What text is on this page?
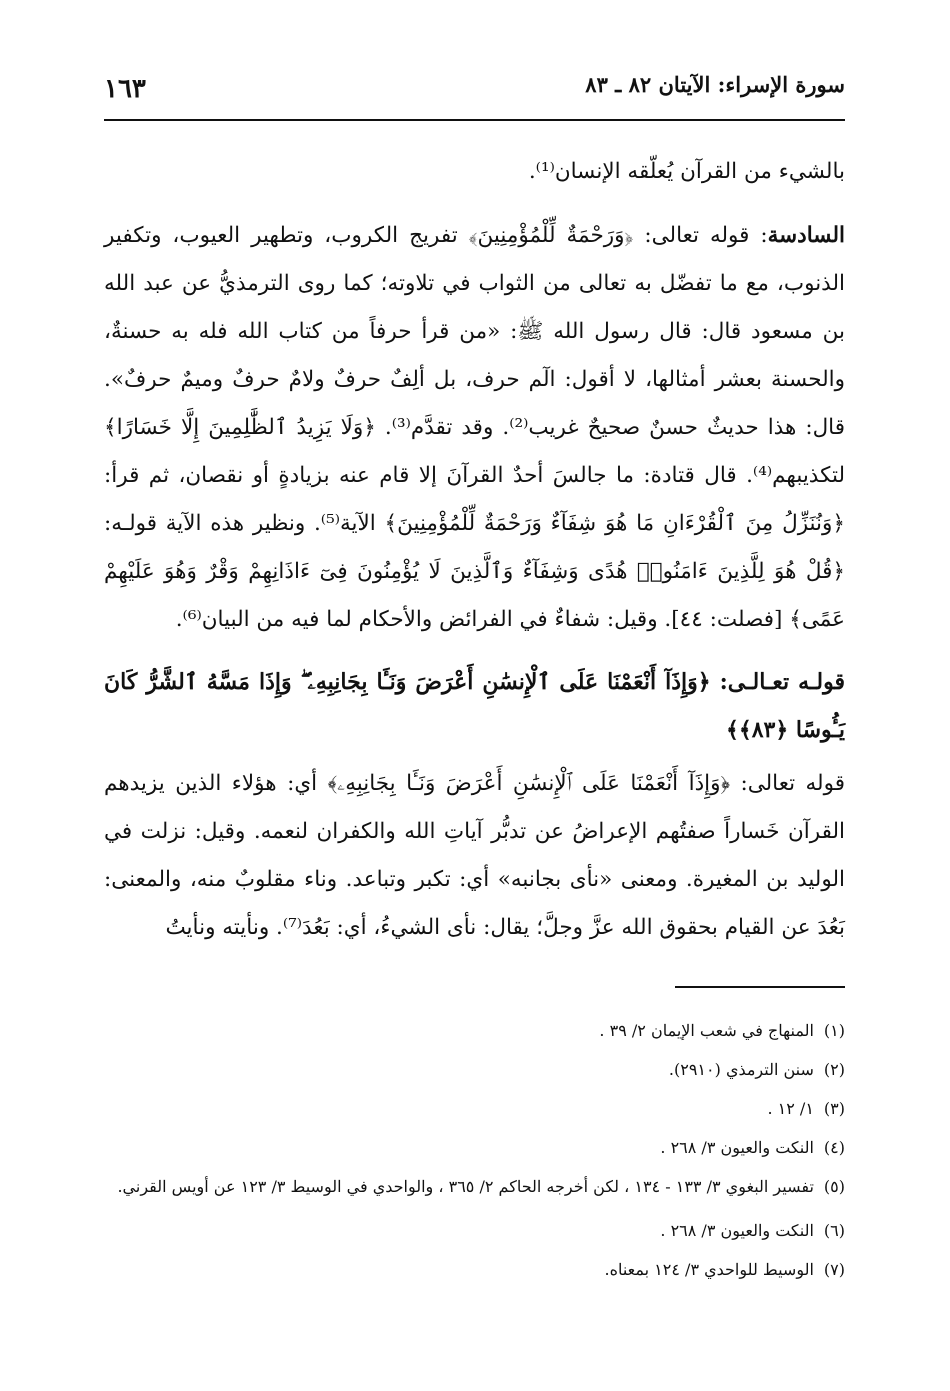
سورة الإسراء: الآيتان ٨٢ ـ ٨٣
١٦٣

بالشيء من القرآن يُعلّقه الإنسان⁽¹⁾.

السادسة: قوله تعالى: ﴿وَرَحْمَةٌ لِّلْمُؤْمِنِينَ﴾ تفريج الكروب، وتطهير العيوب، وتكفير الذنوب، مع ما تفضّل به تعالى من الثواب في تلاوته؛ كما روى الترمذيُّ عن عبد الله بن مسعود قال: قال رسول الله ﷺ: «من قرأ حرفاً من كتاب الله فله به حسنةٌ، والحسنة بعشر أمثالها، لا أقول: الٓم حرف، بل ألِفٌ حرفٌ ولامٌ حرفٌ وميمٌ حرفٌ». قال: هذا حديثٌ حسنٌ صحيحٌ غريب⁽²⁾. وقد تقدَّم⁽³⁾. ﴿وَلَا يَزِيدُ ٱلظَّٰلِمِينَ إِلَّا خَسَارًا﴾ لتكذيبهم⁽⁴⁾. قال قتادة: ما جالسَ أحدٌ القرآنَ إلا قام عنه بزيادةٍ أو نقصان، ثم قرأ: ﴿وَنُنَزِّلُ مِنَ ٱلْقُرْءَانِ مَا هُوَ شِفَآءٌ وَرَحْمَةٌ لِّلْمُؤْمِنِينَ﴾ الآية⁽⁵⁾. ونظير هذه الآية قولـه: ﴿قُلْ هُوَ لِلَّذِينَ ءَامَنُوا۟ هُدًى وَشِفَآءٌ وَٱلَّذِينَ لَا يُؤْمِنُونَ فِىٓ ءَاذَانِهِمْ وَقْرٌ وَهُوَ عَلَيْهِمْ عَمًى﴾ [فصلت: ٤٤]. وقيل: شفاءٌ في الفرائض والأحكام لما فيه من البيان⁽⁶⁾.

قولـه تعـالـى: ﴿وَإِذَآ أَنْعَمْنَا عَلَى ٱلْإِنسَٰنِ أَعْرَضَ وَنَـَٔا بِجَانِبِهِۦ ۖ وَإِذَا مَسَّهُ ٱلشَّرُّ كَانَ يَـُٔوسًا ﴿٨٣﴾﴾

قوله تعالى: ﴿وَإِذَآ أَنْعَمْنَا عَلَى ٱلْإِنسَٰنِ أَعْرَضَ وَنَـَٔا بِجَانِبِهِۦ﴾ أي: هؤلاء الذين يزيدهم القرآن خَساراً صفتُهم الإعراضُ عن تدبُّر آياتِ الله والكفران لنعمه. وقيل: نزلت في الوليد بن المغيرة. ومعنى «نأى بجانبه» أي: تكبر وتباعد. وناء مقلوبٌ منه، والمعنى: بَعُدَ عن القيام بحقوق الله عزَّ وجلَّ؛ يقال: نأى الشيءُ، أي: بَعُدَ⁽⁷⁾. ونأيته ونأيتُ

(١) المنهاج في شعب الإيمان ٢/ ٣٩ .

(٢) سنن الترمذي (٢٩١٠).

(٣) ١/ ١٢ .

(٤) النكت والعيون ٣/ ٢٦٨ .

(٥) تفسير البغوي ٣/ ١٣٣ - ١٣٤ ، لكن أخرجه الحاكم ٢/ ٣٦٥ ، والواحدي في الوسيط ٣/ ١٢٣ عن أويس القرني.

(٦) النكت والعيون ٣/ ٢٦٨ .

(٧) الوسيط للواحدي ٣/ ١٢٤ بمعناه.
